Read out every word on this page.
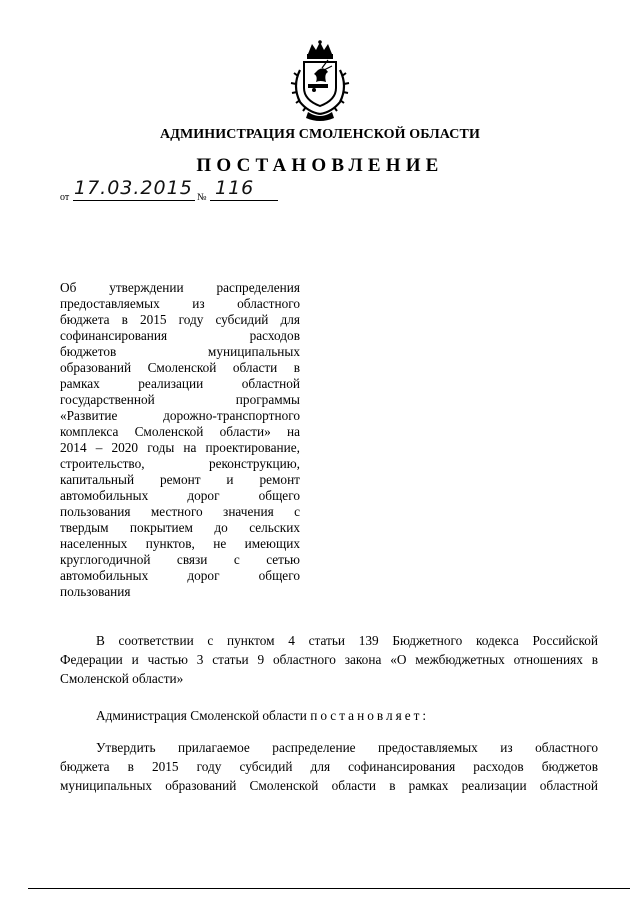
АДМИНИСТРАЦИЯ СМОЛЕНСКОЙ ОБЛАСТИ
ПОСТАНОВЛЕНИЕ
от 17.03.2015 № 116
Об утверждении распределения
предоставляемых из областного
бюджета в 2015 году субсидий для
софинансирования расходов
бюджетов муниципальных
образований Смоленской области в
рамках реализации областной
государственной программы
«Развитие дорожно-транспортного
комплекса Смоленской области» на
2014 – 2020 годы на проектирование,
строительство, реконструкцию,
капитальный ремонт и ремонт
автомобильных дорог общего
пользования местного значения с
твердым покрытием до сельских
населенных пунктов, не имеющих
круглогодичной связи с сетью
автомобильных дорог общего
пользования
В соответствии с пунктом 4 статьи 139 Бюджетного кодекса Российской
Федерации и частью 3 статьи 9 областного закона «О межбюджетных отношениях в
Смоленской области»
Администрация Смоленской области постановляет:
Утвердить прилагаемое распределение предоставляемых из областного
бюджета в 2015 году субсидий для софинансирования расходов бюджетов
муниципальных образований Смоленской области в рамках реализации областной
